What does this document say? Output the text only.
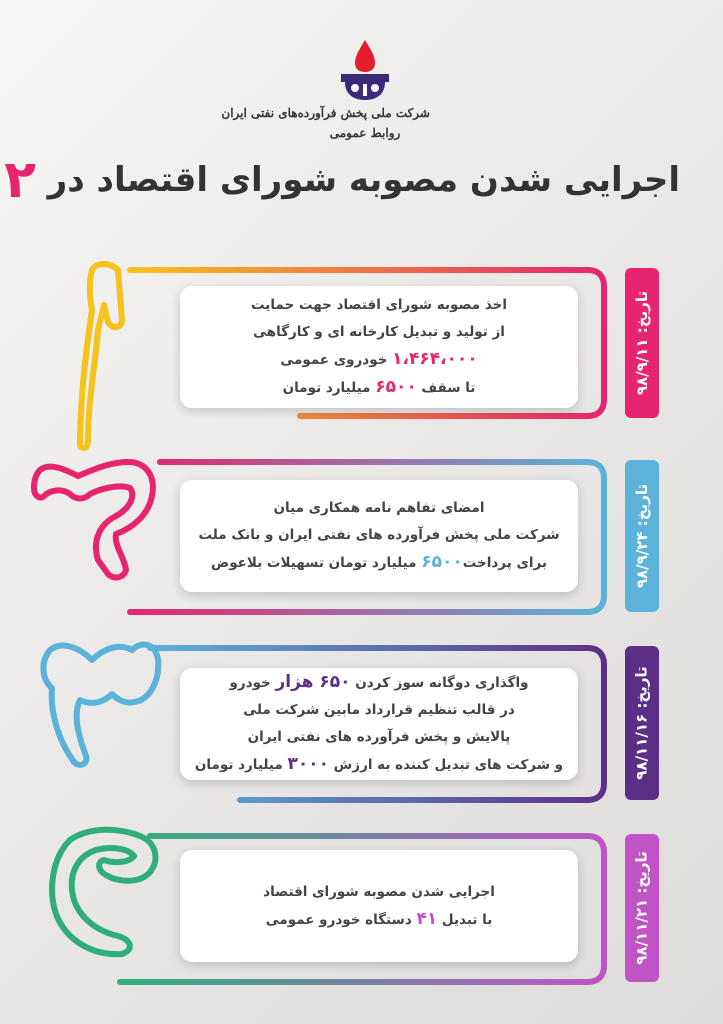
شرکت ملی پخش فرآورده‌های نفتی ایران
روابط عمومی
اجرایی شدن مصوبه شورای اقتصاد در ۲
تاریخ: ۹۸/۹/۱۱
تاریخ: ۹۸/۹/۲۴
تاریخ: ۹۸/۱۱/۱۶
تاریخ: ۹۸/۱۱/۲۱
اخذ مصوبه شورای اقتصاد جهت حمایت
از تولید و تبدیل کارخانه ای و کارگاهی
۱،۴۶۴،۰۰۰ خودروی عمومی
تا سقف ۶۵۰۰ میلیارد تومان
امضای تفاهم نامه همکاری میان
شرکت ملی پخش فرآورده های نفتی ایران و بانک ملت
برای پرداخت۶۵۰۰ میلیارد تومان تسهیلات بلاعوض
واگذاری دوگانه سوز کردن ۶۵۰ هزار خودرو
در قالب تنظیم قرارداد مابین شرکت ملی
پالایش و پخش فرآورده های نفتی ایران
و شرکت های تبدیل کننده به ارزش ۳۰۰۰ میلیارد تومان
اجرایی شدن مصوبه شورای اقتصاد
با تبدیل ۴۱ دستگاه خودرو عمومی
